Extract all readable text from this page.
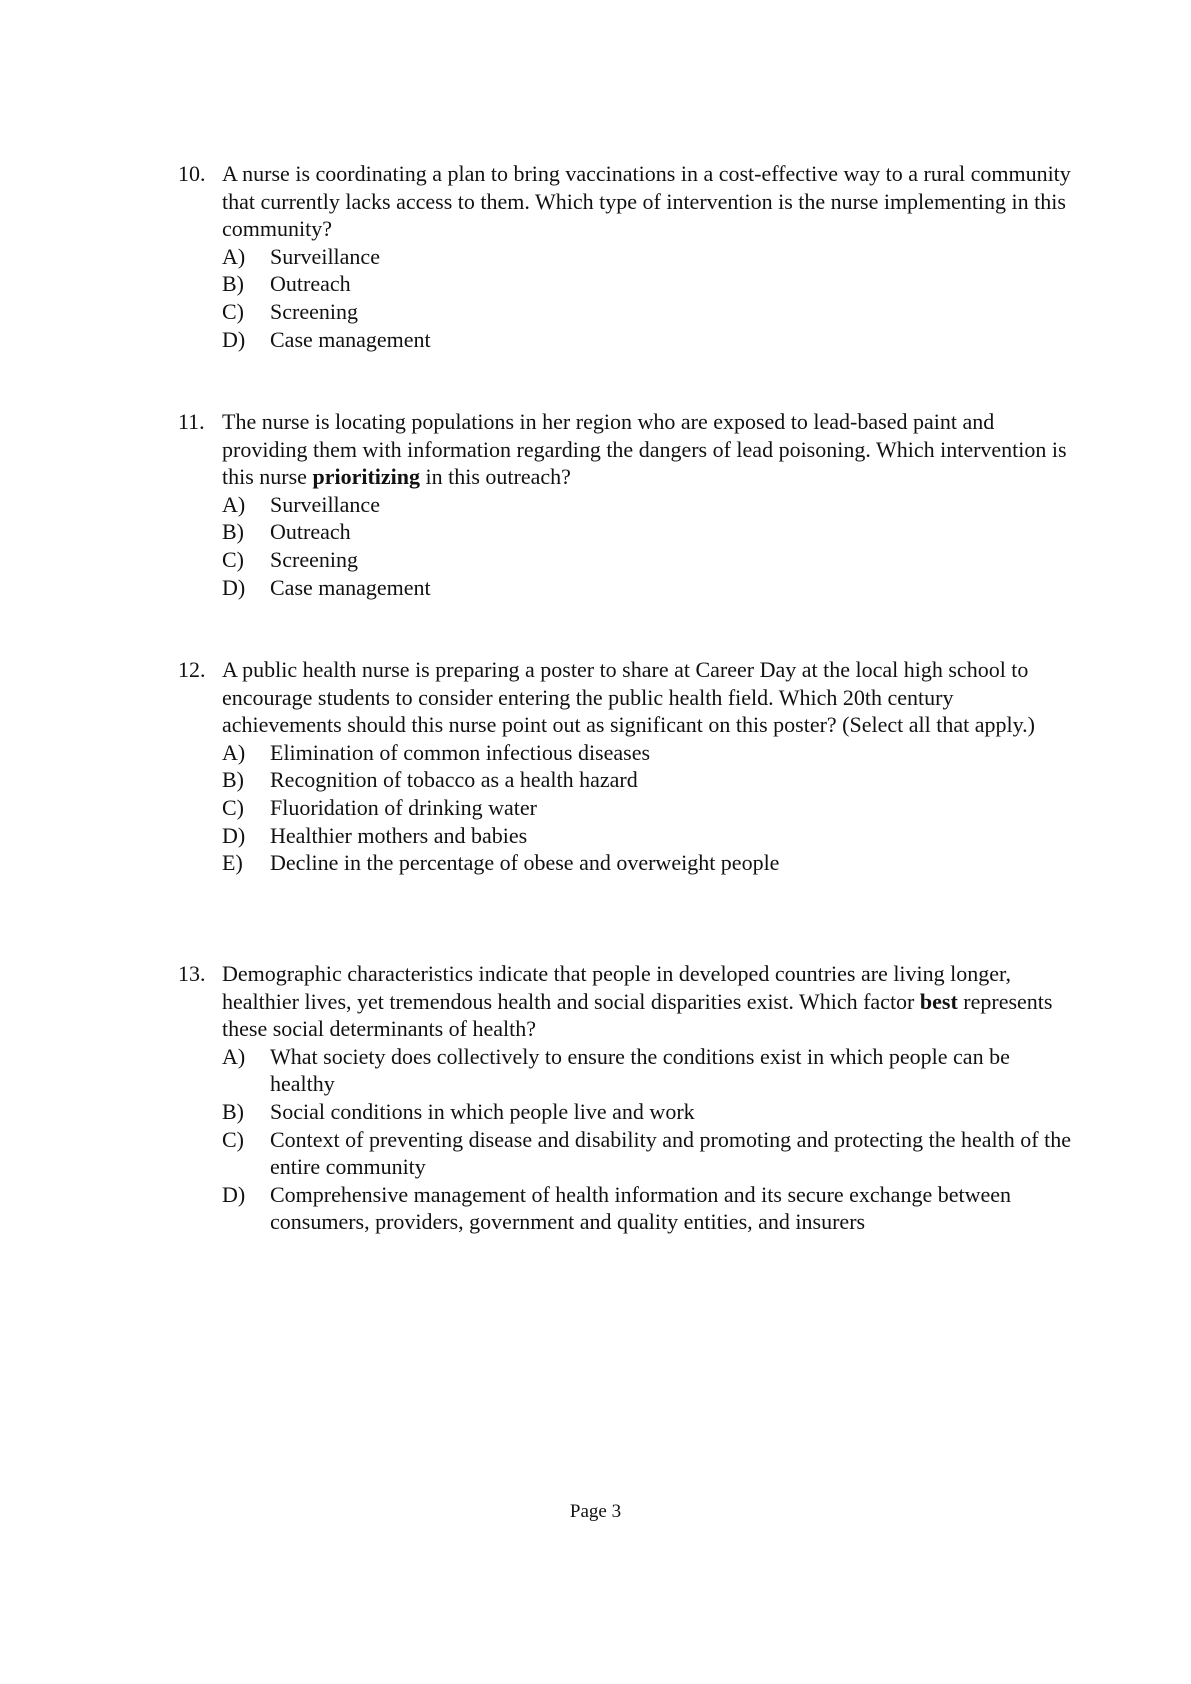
10. A nurse is coordinating a plan to bring vaccinations in a cost-effective way to a rural community that currently lacks access to them. Which type of intervention is the nurse implementing in this community?
A)	Surveillance
B)	Outreach
C)	Screening
D)	Case management
11. The nurse is locating populations in her region who are exposed to lead-based paint and providing them with information regarding the dangers of lead poisoning. Which intervention is this nurse prioritizing in this outreach?
A)	Surveillance
B)	Outreach
C)	Screening
D)	Case management
12. A public health nurse is preparing a poster to share at Career Day at the local high school to encourage students to consider entering the public health field. Which 20th century achievements should this nurse point out as significant on this poster? (Select all that apply.)
A)	Elimination of common infectious diseases
B)	Recognition of tobacco as a health hazard
C)	Fluoridation of drinking water
D)	Healthier mothers and babies
E)	Decline in the percentage of obese and overweight people
13. Demographic characteristics indicate that people in developed countries are living longer, healthier lives, yet tremendous health and social disparities exist. Which factor best represents these social determinants of health?
A)	What society does collectively to ensure the conditions exist in which people can be healthy
B)	Social conditions in which people live and work
C)	Context of preventing disease and disability and promoting and protecting the health of the entire community
D)	Comprehensive management of health information and its secure exchange between consumers, providers, government and quality entities, and insurers
Page 3
